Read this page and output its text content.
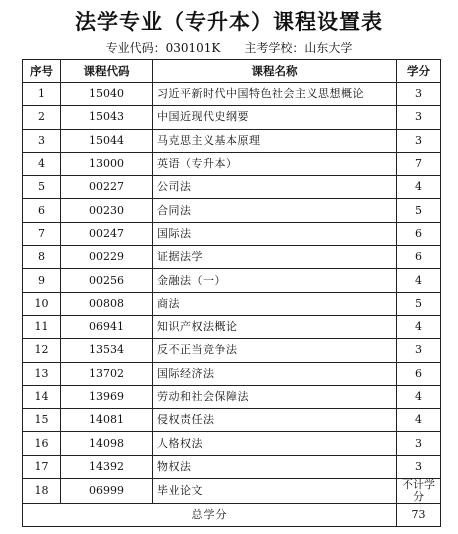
法学专业（专升本）课程设置表
专业代码：030101K　　主考学校：山东大学
序号	课程代码	课程名称	学分
1	15040	习近平新时代中国特色社会主义思想概论	3
2	15043	中国近现代史纲要	3
3	15044	马克思主义基本原理	3
4	13000	英语（专升本）	7
5	00227	公司法	4
6	00230	合同法	5
7	00247	国际法	6
8	00229	证据法学	6
9	00256	金融法（一）	4
10	00808	商法	5
11	06941	知识产权法概论	4
12	13534	反不正当竞争法	3
13	13702	国际经济法	6
14	13969	劳动和社会保障法	4
15	14081	侵权责任法	4
16	14098	人格权法	3
17	14392	物权法	3
18	06999	毕业论文	不计学分
总学分			73
